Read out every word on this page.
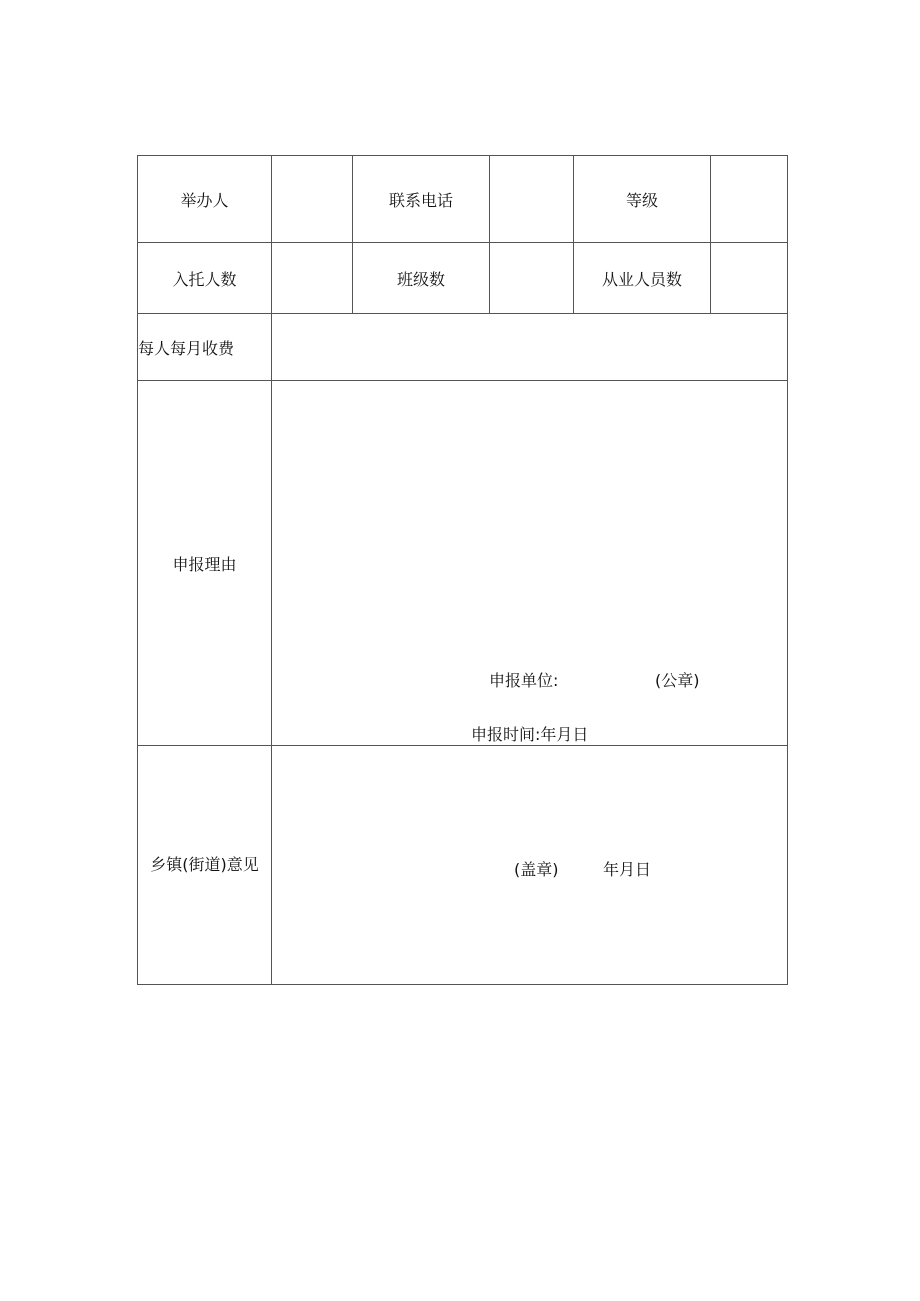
举办人	联系电话	等级
入托人数	班级数	从业人员数
每人每月收费
申报理由
申报单位:	(公章)
申报时间:年月日
乡镇(街道)意见	(盖章)	年月日
